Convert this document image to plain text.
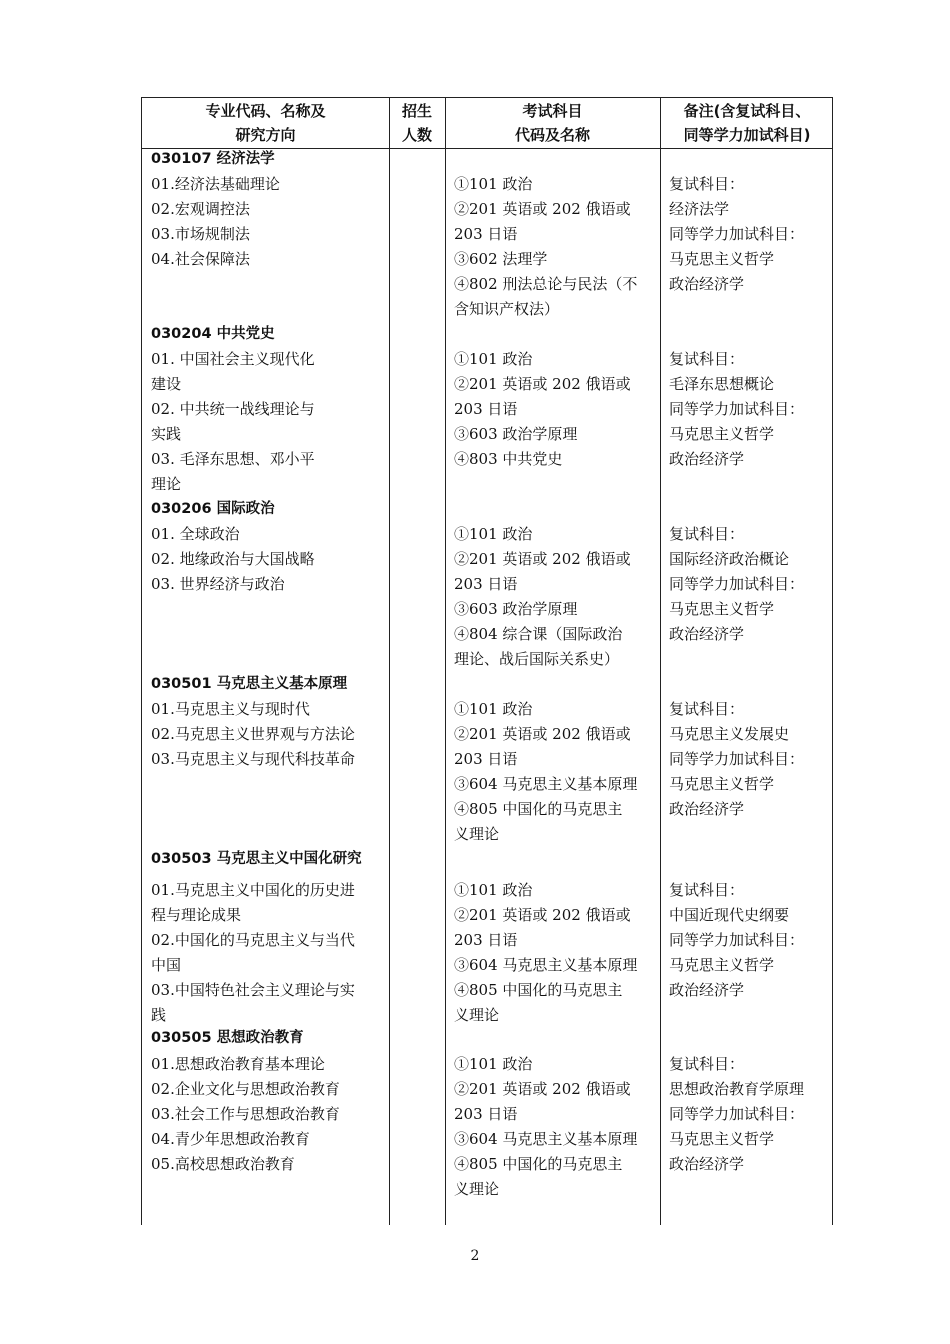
专业代码、名称及
研究方向
招生
人数
考试科目
代码及名称
备注(含复试科目、
同等学力加试科目)
030107 经济法学
01.经济法基础理论
02.宏观调控法
03.市场规制法
04.社会保障法
①101 政治
②201 英语或 202 俄语或
203 日语
③602 法理学
④802 刑法总论与民法（不
含知识产权法）
复试科目：
经济法学
同等学力加试科目：
马克思主义哲学
政治经济学
030204 中共党史
01. 中国社会主义现代化
建设
02. 中共统一战线理论与
实践
03. 毛泽东思想、邓小平
理论
①101 政治
②201 英语或 202 俄语或
203 日语
③603 政治学原理
④803 中共党史
复试科目：
毛泽东思想概论
同等学力加试科目：
马克思主义哲学
政治经济学
030206 国际政治
01. 全球政治
02. 地缘政治与大国战略
03. 世界经济与政治
①101 政治
②201 英语或 202 俄语或
203 日语
③603 政治学原理
④804 综合课（国际政治
理论、战后国际关系史）
复试科目：
国际经济政治概论
同等学力加试科目：
马克思主义哲学
政治经济学
030501 马克思主义基本原理
01.马克思主义与现时代
02.马克思主义世界观与方法论
03.马克思主义与现代科技革命
①101 政治
②201 英语或 202 俄语或
203 日语
③604 马克思主义基本原理
④805 中国化的马克思主
义理论
复试科目：
马克思主义发展史
同等学力加试科目：
马克思主义哲学
政治经济学
030503 马克思主义中国化研究
01.马克思主义中国化的历史进
程与理论成果
02.中国化的马克思主义与当代
中国
03.中国特色社会主义理论与实
践
①101 政治
②201 英语或 202 俄语或
203 日语
③604 马克思主义基本原理
④805 中国化的马克思主
义理论
复试科目：
中国近现代史纲要
同等学力加试科目：
马克思主义哲学
政治经济学
030505 思想政治教育
01.思想政治教育基本理论
02.企业文化与思想政治教育
03.社会工作与思想政治教育
04.青少年思想政治教育
05.高校思想政治教育
①101 政治
②201 英语或 202 俄语或
203 日语
③604 马克思主义基本原理
④805 中国化的马克思主
义理论
复试科目：
思想政治教育学原理
同等学力加试科目：
马克思主义哲学
政治经济学
2
